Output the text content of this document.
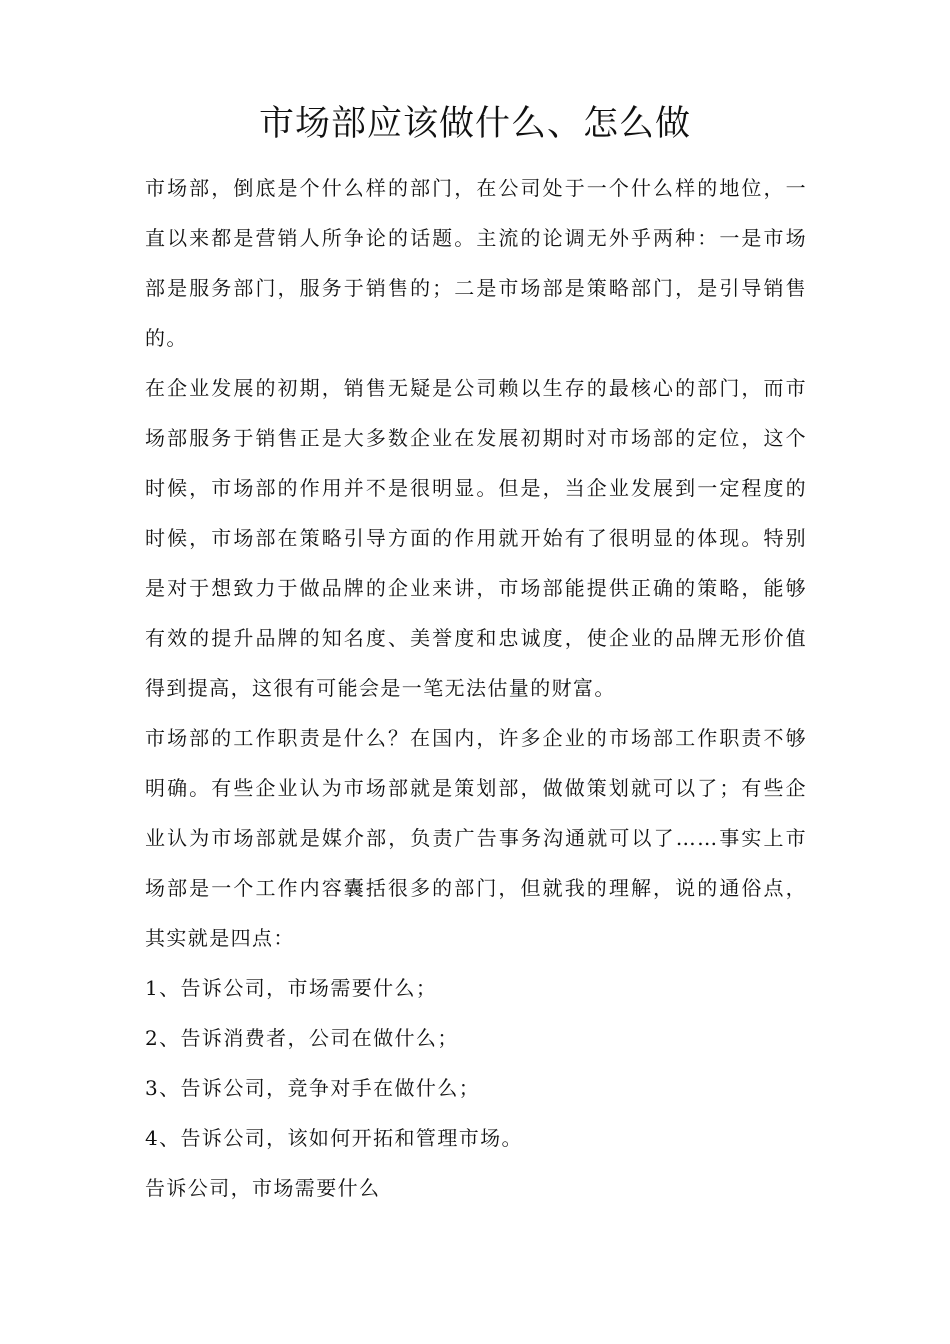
市场部应该做什么、怎么做

市场部，倒底是个什么样的部门，在公司处于一个什么样的地位，一直以来都是营销人所争论的话题。主流的论调无外乎两种：一是市场部是服务部门，服务于销售的；二是市场部是策略部门，是引导销售的。

在企业发展的初期，销售无疑是公司赖以生存的最核心的部门，而市场部服务于销售正是大多数企业在发展初期时对市场部的定位，这个时候，市场部的作用并不是很明显。但是，当企业发展到一定程度的时候，市场部在策略引导方面的作用就开始有了很明显的体现。特别是对于想致力于做品牌的企业来讲，市场部能提供正确的策略，能够有效的提升品牌的知名度、美誉度和忠诚度，使企业的品牌无形价值得到提高，这很有可能会是一笔无法估量的财富。

市场部的工作职责是什么？在国内，许多企业的市场部工作职责不够明确。有些企业认为市场部就是策划部，做做策划就可以了；有些企业认为市场部就是媒介部，负责广告事务沟通就可以了……事实上市场部是一个工作内容囊括很多的部门，但就我的理解，说的通俗点，其实就是四点：

1、告诉公司，市场需要什么；

2、告诉消费者，公司在做什么；

3、告诉公司，竞争对手在做什么；

4、告诉公司，该如何开拓和管理市场。

告诉公司，市场需要什么
